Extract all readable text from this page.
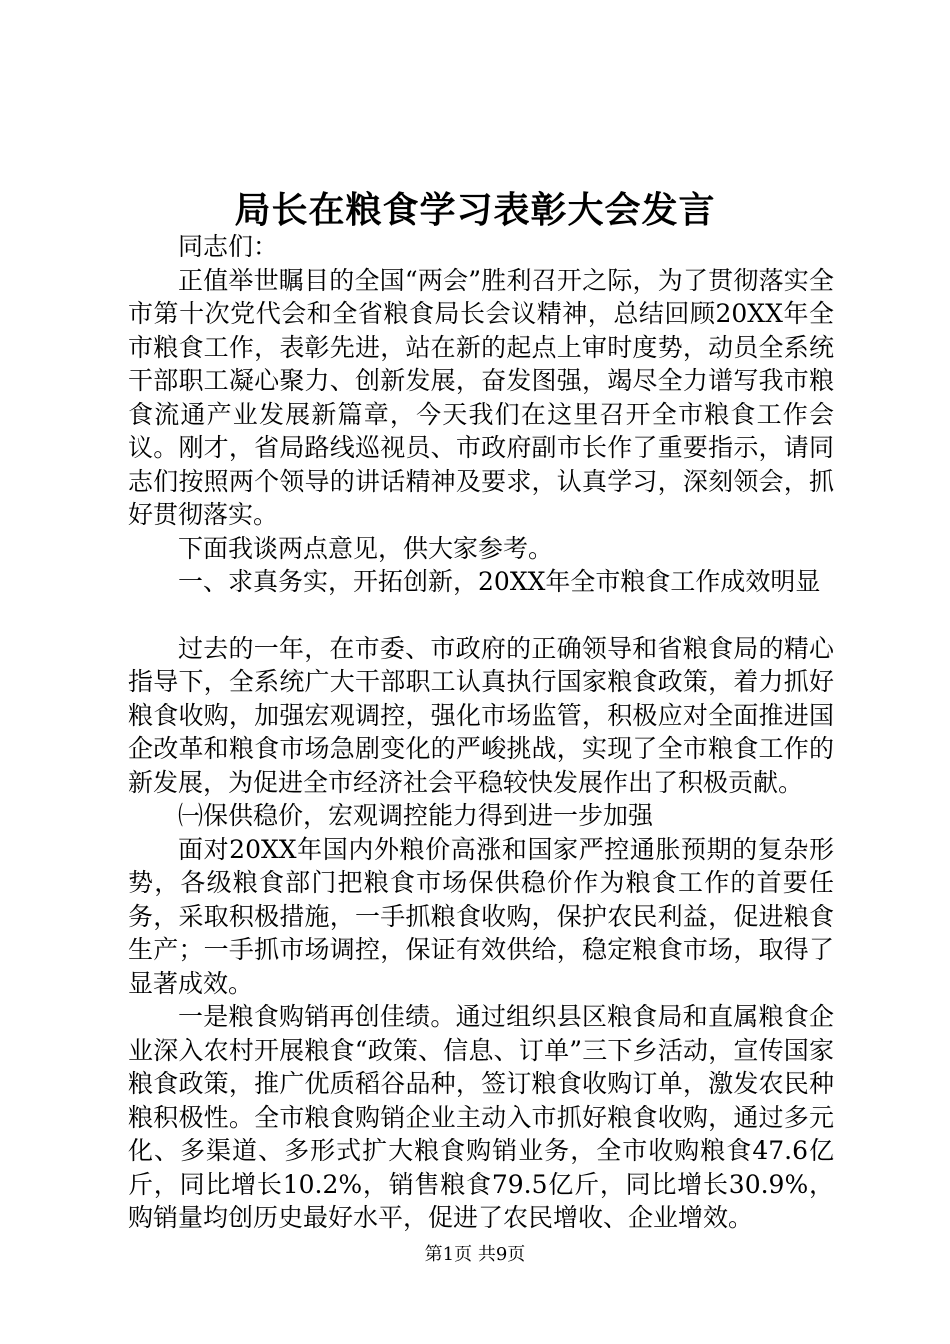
局长在粮食学习表彰大会发言

同志们：

正值举世瞩目的全国“两会”胜利召开之际，为了贯彻落实全市第十次党代会和全省粮食局长会议精神，总结回顾20XX年全市粮食工作，表彰先进，站在新的起点上审时度势，动员全系统干部职工凝心聚力、创新发展，奋发图强，竭尽全力谱写我市粮食流通产业发展新篇章，今天我们在这里召开全市粮食工作会议。刚才，省局路线巡视员、市政府副市长作了重要指示，请同志们按照两个领导的讲话精神及要求，认真学习，深刻领会，抓好贯彻落实。

下面我谈两点意见，供大家参考。

一、求真务实，开拓创新，20XX年全市粮食工作成效明显

过去的一年，在市委、市政府的正确领导和省粮食局的精心指导下，全系统广大干部职工认真执行国家粮食政策，着力抓好粮食收购，加强宏观调控，强化市场监管，积极应对全面推进国企改革和粮食市场急剧变化的严峻挑战，实现了全市粮食工作的新发展，为促进全市经济社会平稳较快发展作出了积极贡献。

㈠保供稳价，宏观调控能力得到进一步加强

面对20XX年国内外粮价高涨和国家严控通胀预期的复杂形势，各级粮食部门把粮食市场保供稳价作为粮食工作的首要任务，采取积极措施，一手抓粮食收购，保护农民利益，促进粮食生产；一手抓市场调控，保证有效供给，稳定粮食市场，取得了显著成效。

一是粮食购销再创佳绩。通过组织县区粮食局和直属粮食企业深入农村开展粮食“政策、信息、订单”三下乡活动，宣传国家粮食政策，推广优质稻谷品种，签订粮食收购订单，激发农民种粮积极性。全市粮食购销企业主动入市抓好粮食收购，通过多元化、多渠道、多形式扩大粮食购销业务，全市收购粮食47.6亿斤，同比增长10.2%，销售粮食79.5亿斤，同比增长30.9%，购销量均创历史最好水平，促进了农民增收、企业增效。

第1页 共9页
